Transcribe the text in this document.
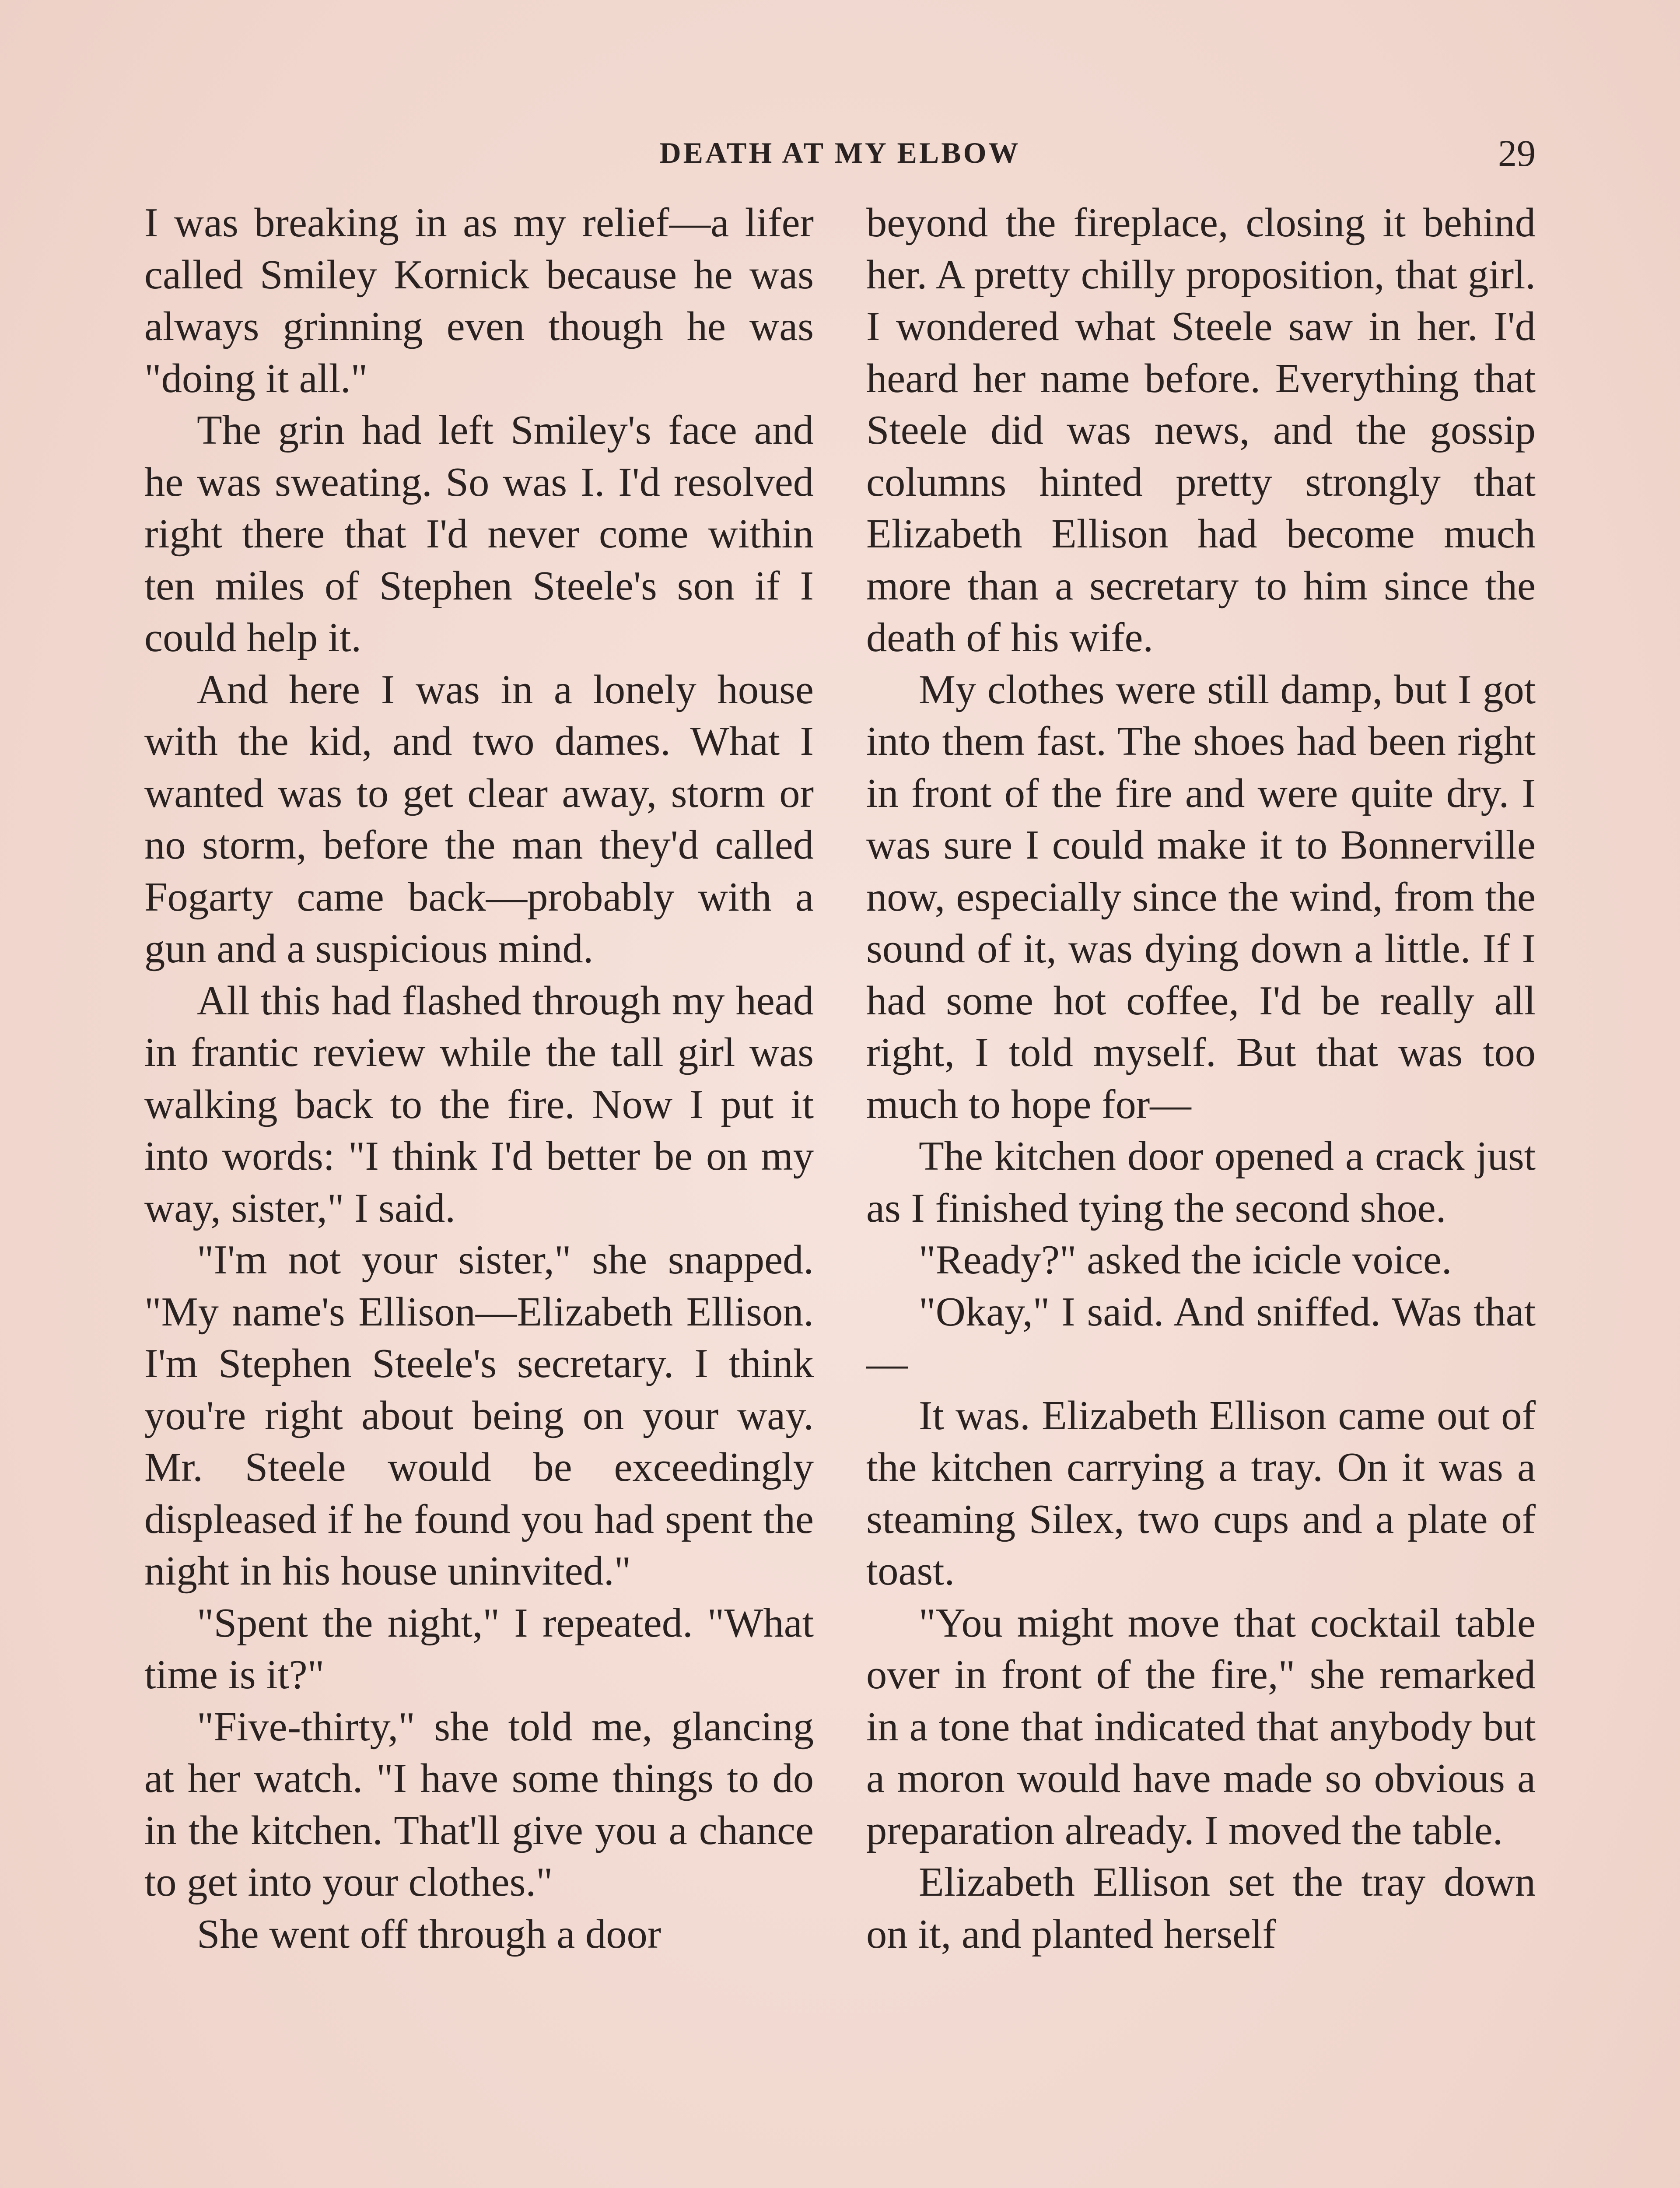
DEATH AT MY ELBOW	29

I was breaking in as my relief—a lifer called Smiley Kornick because he was always grinning even though he was "doing it all."

The grin had left Smiley's face and he was sweating. So was I. I'd resolved right there that I'd never come within ten miles of Stephen Steele's son if I could help it.

And here I was in a lonely house with the kid, and two dames. What I wanted was to get clear away, storm or no storm, before the man they'd called Fogarty came back—probably with a gun and a suspicious mind.

All this had flashed through my head in frantic review while the tall girl was walking back to the fire. Now I put it into words: "I think I'd better be on my way, sister," I said.

"I'm not your sister," she snapped. "My name's Ellison—Elizabeth Ellison. I'm Stephen Steele's secretary. I think you're right about being on your way. Mr. Steele would be exceedingly displeased if he found you had spent the night in his house uninvited."

"Spent the night," I repeated. "What time is it?"

"Five-thirty," she told me, glancing at her watch. "I have some things to do in the kitchen. That'll give you a chance to get into your clothes."

She went off through a door

beyond the fireplace, closing it behind her. A pretty chilly proposition, that girl. I wondered what Steele saw in her. I'd heard her name before. Everything that Steele did was news, and the gossip columns hinted pretty strongly that Elizabeth Ellison had become much more than a secretary to him since the death of his wife.

My clothes were still damp, but I got into them fast. The shoes had been right in front of the fire and were quite dry. I was sure I could make it to Bonnerville now, especially since the wind, from the sound of it, was dying down a little. If I had some hot coffee, I'd be really all right, I told myself. But that was too much to hope for—

The kitchen door opened a crack just as I finished tying the second shoe.

"Ready?" asked the icicle voice.

"Okay," I said. And sniffed. Was that—

It was. Elizabeth Ellison came out of the kitchen carrying a tray. On it was a steaming Silex, two cups and a plate of toast.

"You might move that cocktail table over in front of the fire," she remarked in a tone that indicated that anybody but a moron would have made so obvious a preparation already. I moved the table.

Elizabeth Ellison set the tray down on it, and planted herself
